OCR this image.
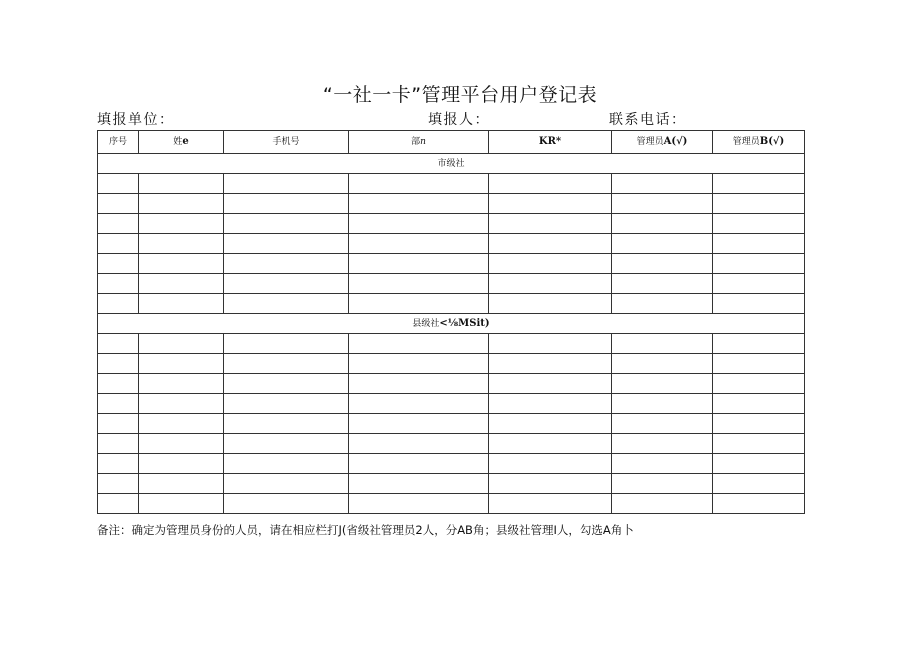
“一社一卡”管理平台用户登记表
填报单位：	填报人：	联系电话：
序号	姓e	手机号	部n	KR*	管理员A(√)	管理员B(√)
市级社						

县级社<⅛MSit)						

备注：确定为管理员身份的人员，请在相应栏打J(省级社管理员2人，分AB角；县级社管理I人，勾选A角卜
